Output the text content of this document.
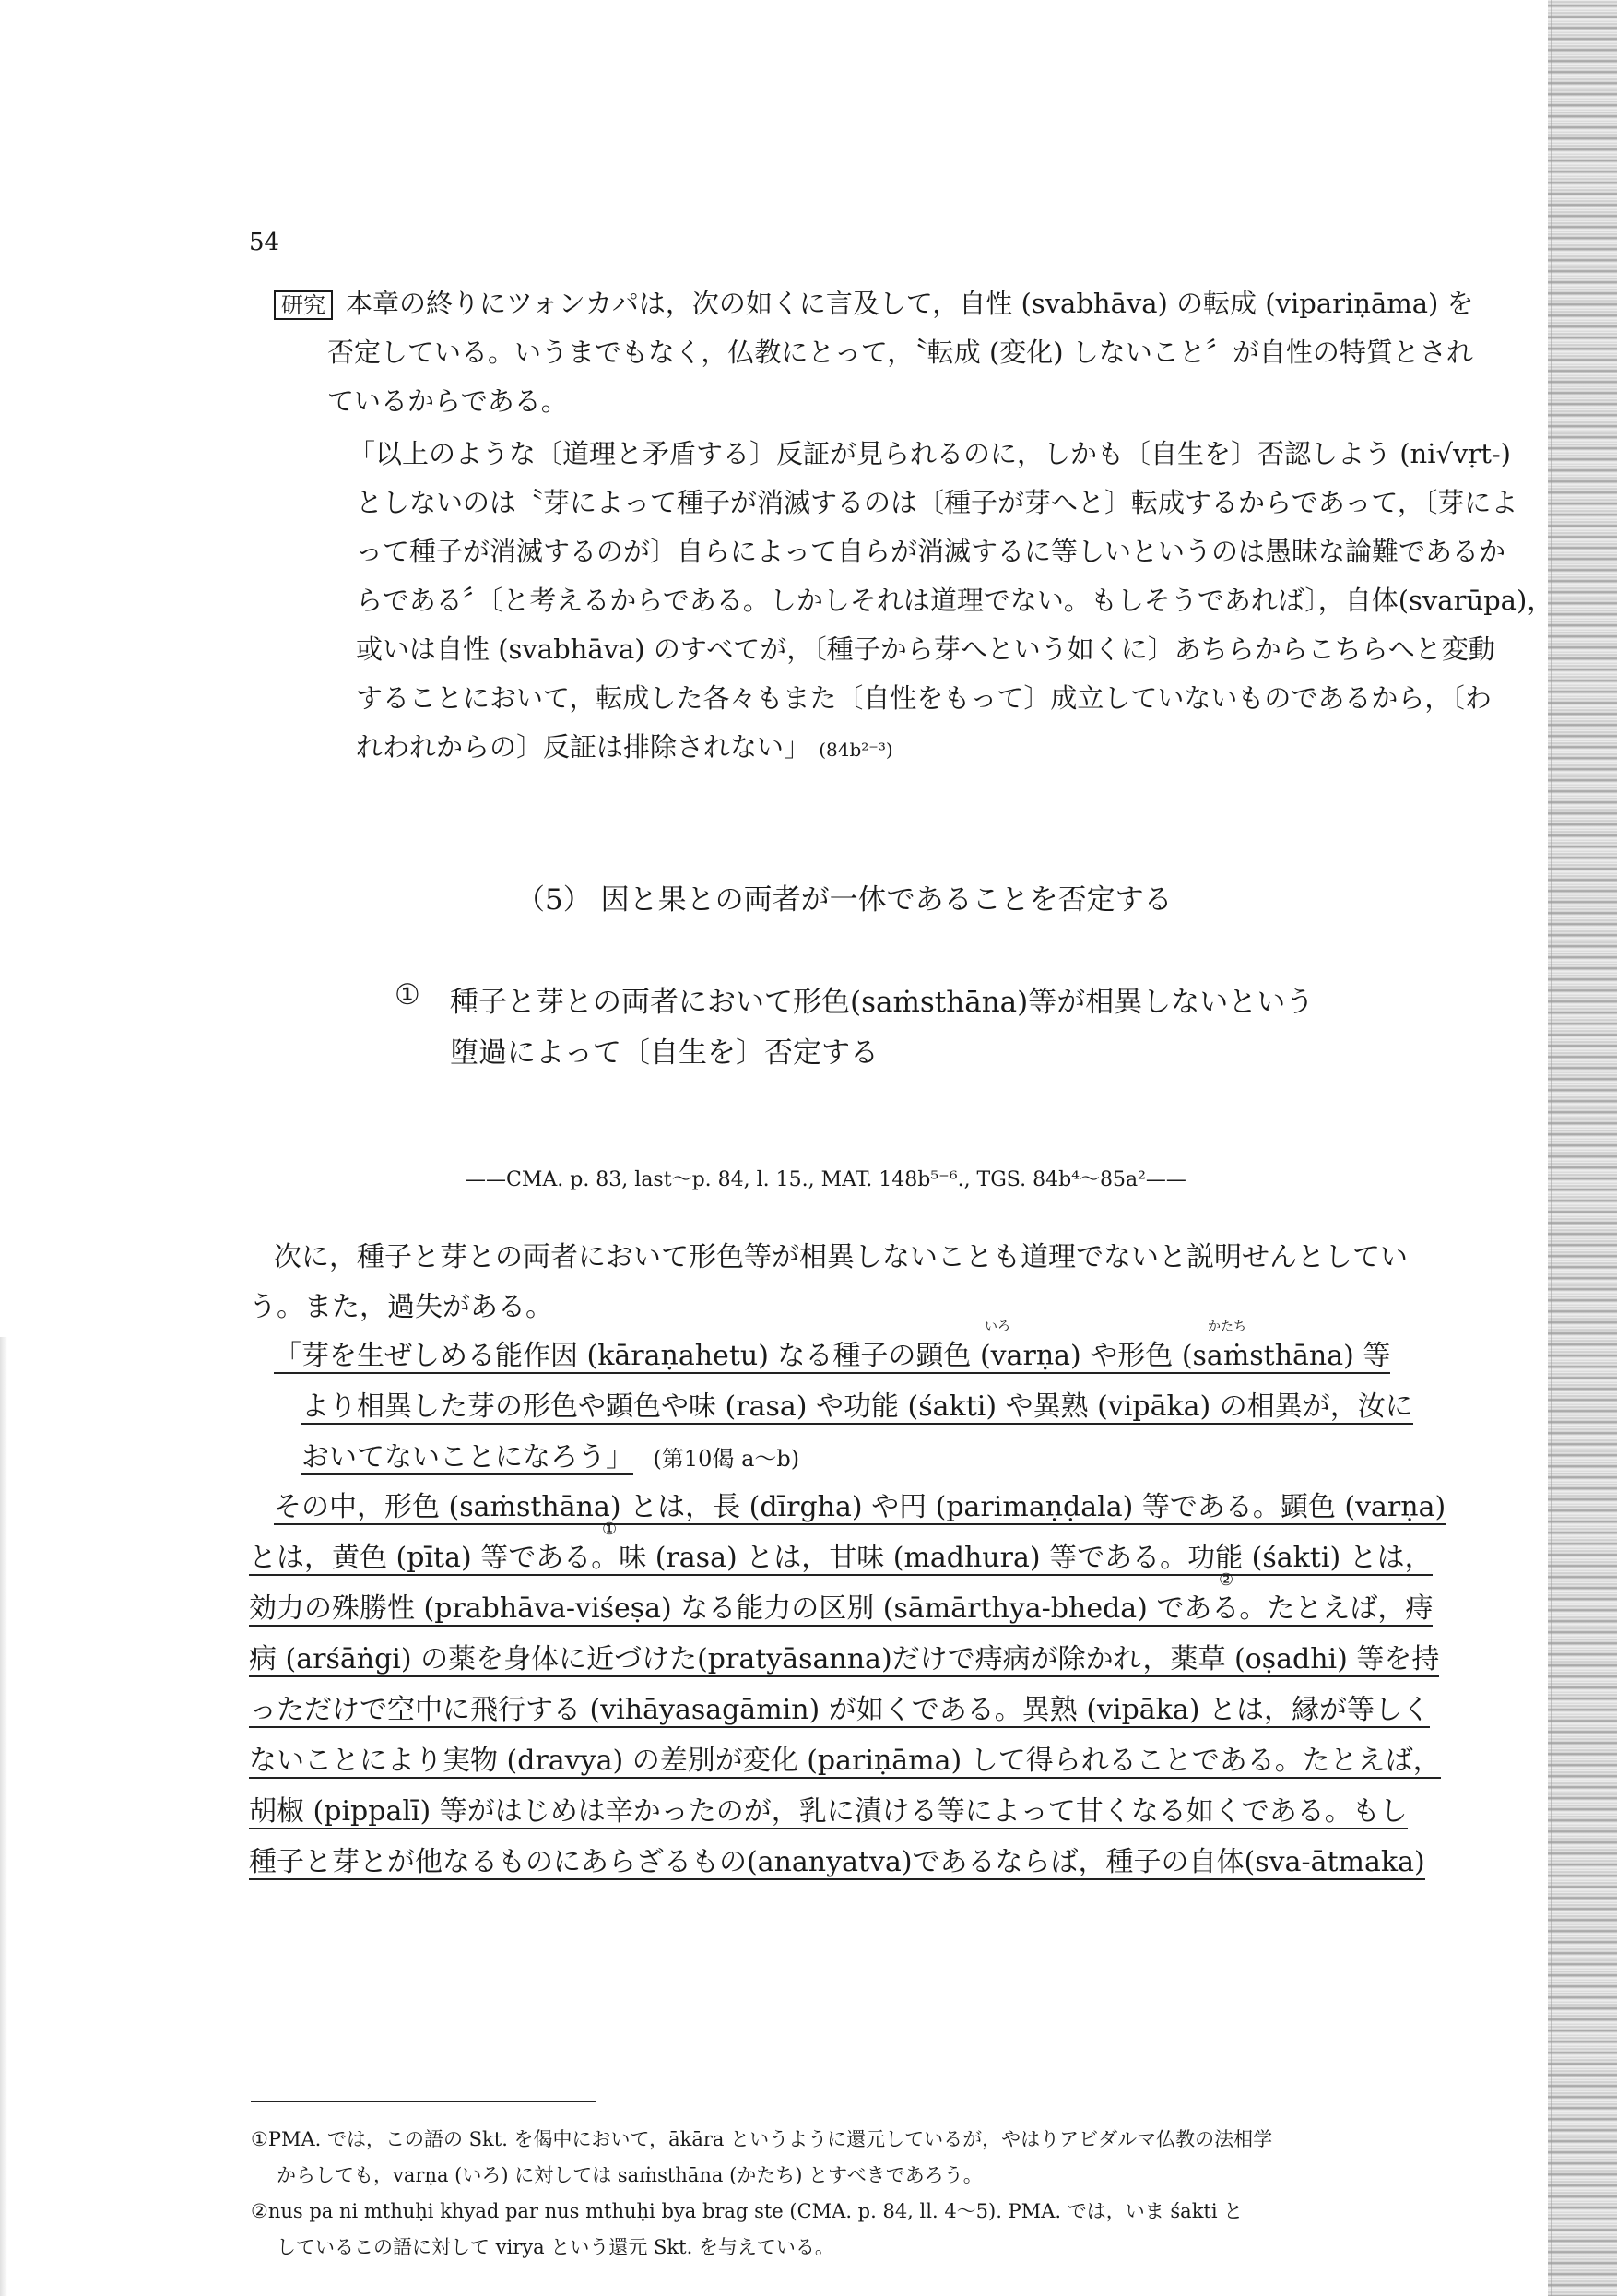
54
研究 本章の終りにツォンカパは，次の如くに言及して，自性 (svabhāva) の転成 (vipariṇāma) を
否定している。いうまでもなく，仏教にとって，〝転成 (変化) しないこと〞が自性の特質とされ
ているからである。
「以上のような〔道理と矛盾する〕反証が見られるのに，しかも〔自生を〕否認しよう (ni√vṛt-)
としないのは〝芽によって種子が消滅するのは〔種子が芽へと〕転成するからであって，〔芽によ
って種子が消滅するのが〕自らによって自らが消滅するに等しいというのは愚昧な論難であるか
らである〞〔と考えるからである。しかしそれは道理でない。もしそうであれば〕，自体(svarūpa)，
或いは自性 (svabhāva) のすべてが，〔種子から芽へという如くに〕あちらからこちらへと変動
することにおいて，転成した各々もまた〔自性をもって〕成立していないものであるから，〔わ
れわれからの〕反証は排除されない」 (84b²⁻³)
（5） 因と果との両者が一体であることを否定する
① 種子と芽との両者において形色(saṁsthāna)等が相異しないという
堕過によって〔自生を〕否定する
——CMA. p. 83, last～p. 84, l. 15., MAT. 148b⁵⁻⁶., TGS. 84b⁴～85a²——
次に，種子と芽との両者において形色等が相異しないことも道理でないと説明せんとしてい
う。また，過失がある。
いろ	かたち
「芽を生ぜしめる能作因 (kāraṇahetu) なる種子の顕色 (varṇa) や形色 (saṁsthāna) 等
より相異した芽の形色や顕色や味 (rasa) や功能 (śakti) や異熟 (vipāka) の相異が，汝に
おいてないことになろう」 (第10偈 a～b)
その中，形色 (saṁsthāna) とは，長 (dīrgha) や円 (parimaṇḍala) 等である。顕色 (varṇa)
①
とは，黄色 (pīta) 等である。味 (rasa) とは，甘味 (madhura) 等である。功能 (śakti) とは，
②
効力の殊勝性 (prabhāva-viśeṣa) なる能力の区別 (sāmārthya-bheda) である。たとえば，痔
病 (arśāṅgi) の薬を身体に近づけた(pratyāsanna)だけで痔病が除かれ，薬草 (oṣadhi) 等を持
っただけで空中に飛行する (vihāyasagāmin) が如くである。異熟 (vipāka) とは，縁が等しく
ないことにより実物 (dravya) の差別が変化 (pariṇāma) して得られることである。たとえば，
胡椒 (pippalī) 等がはじめは辛かったのが，乳に漬ける等によって甘くなる如くである。もし
種子と芽とが他なるものにあらざるもの(ananyatva)であるならば，種子の自体(sva-ātmaka)
①PMA. では，この語の Skt. を偈中において，ākāra というように還元しているが，やはりアビダルマ仏教の法相学
からしても，varṇa (いろ) に対しては saṁsthāna (かたち) とすべきであろう。
②nus pa ni mthuḥi khyad par nus mthuḥi bya brag ste (CMA. p. 84, ll. 4～5). PMA. では，いま śakti と
しているこの語に対して virya という還元 Skt. を与えている。
